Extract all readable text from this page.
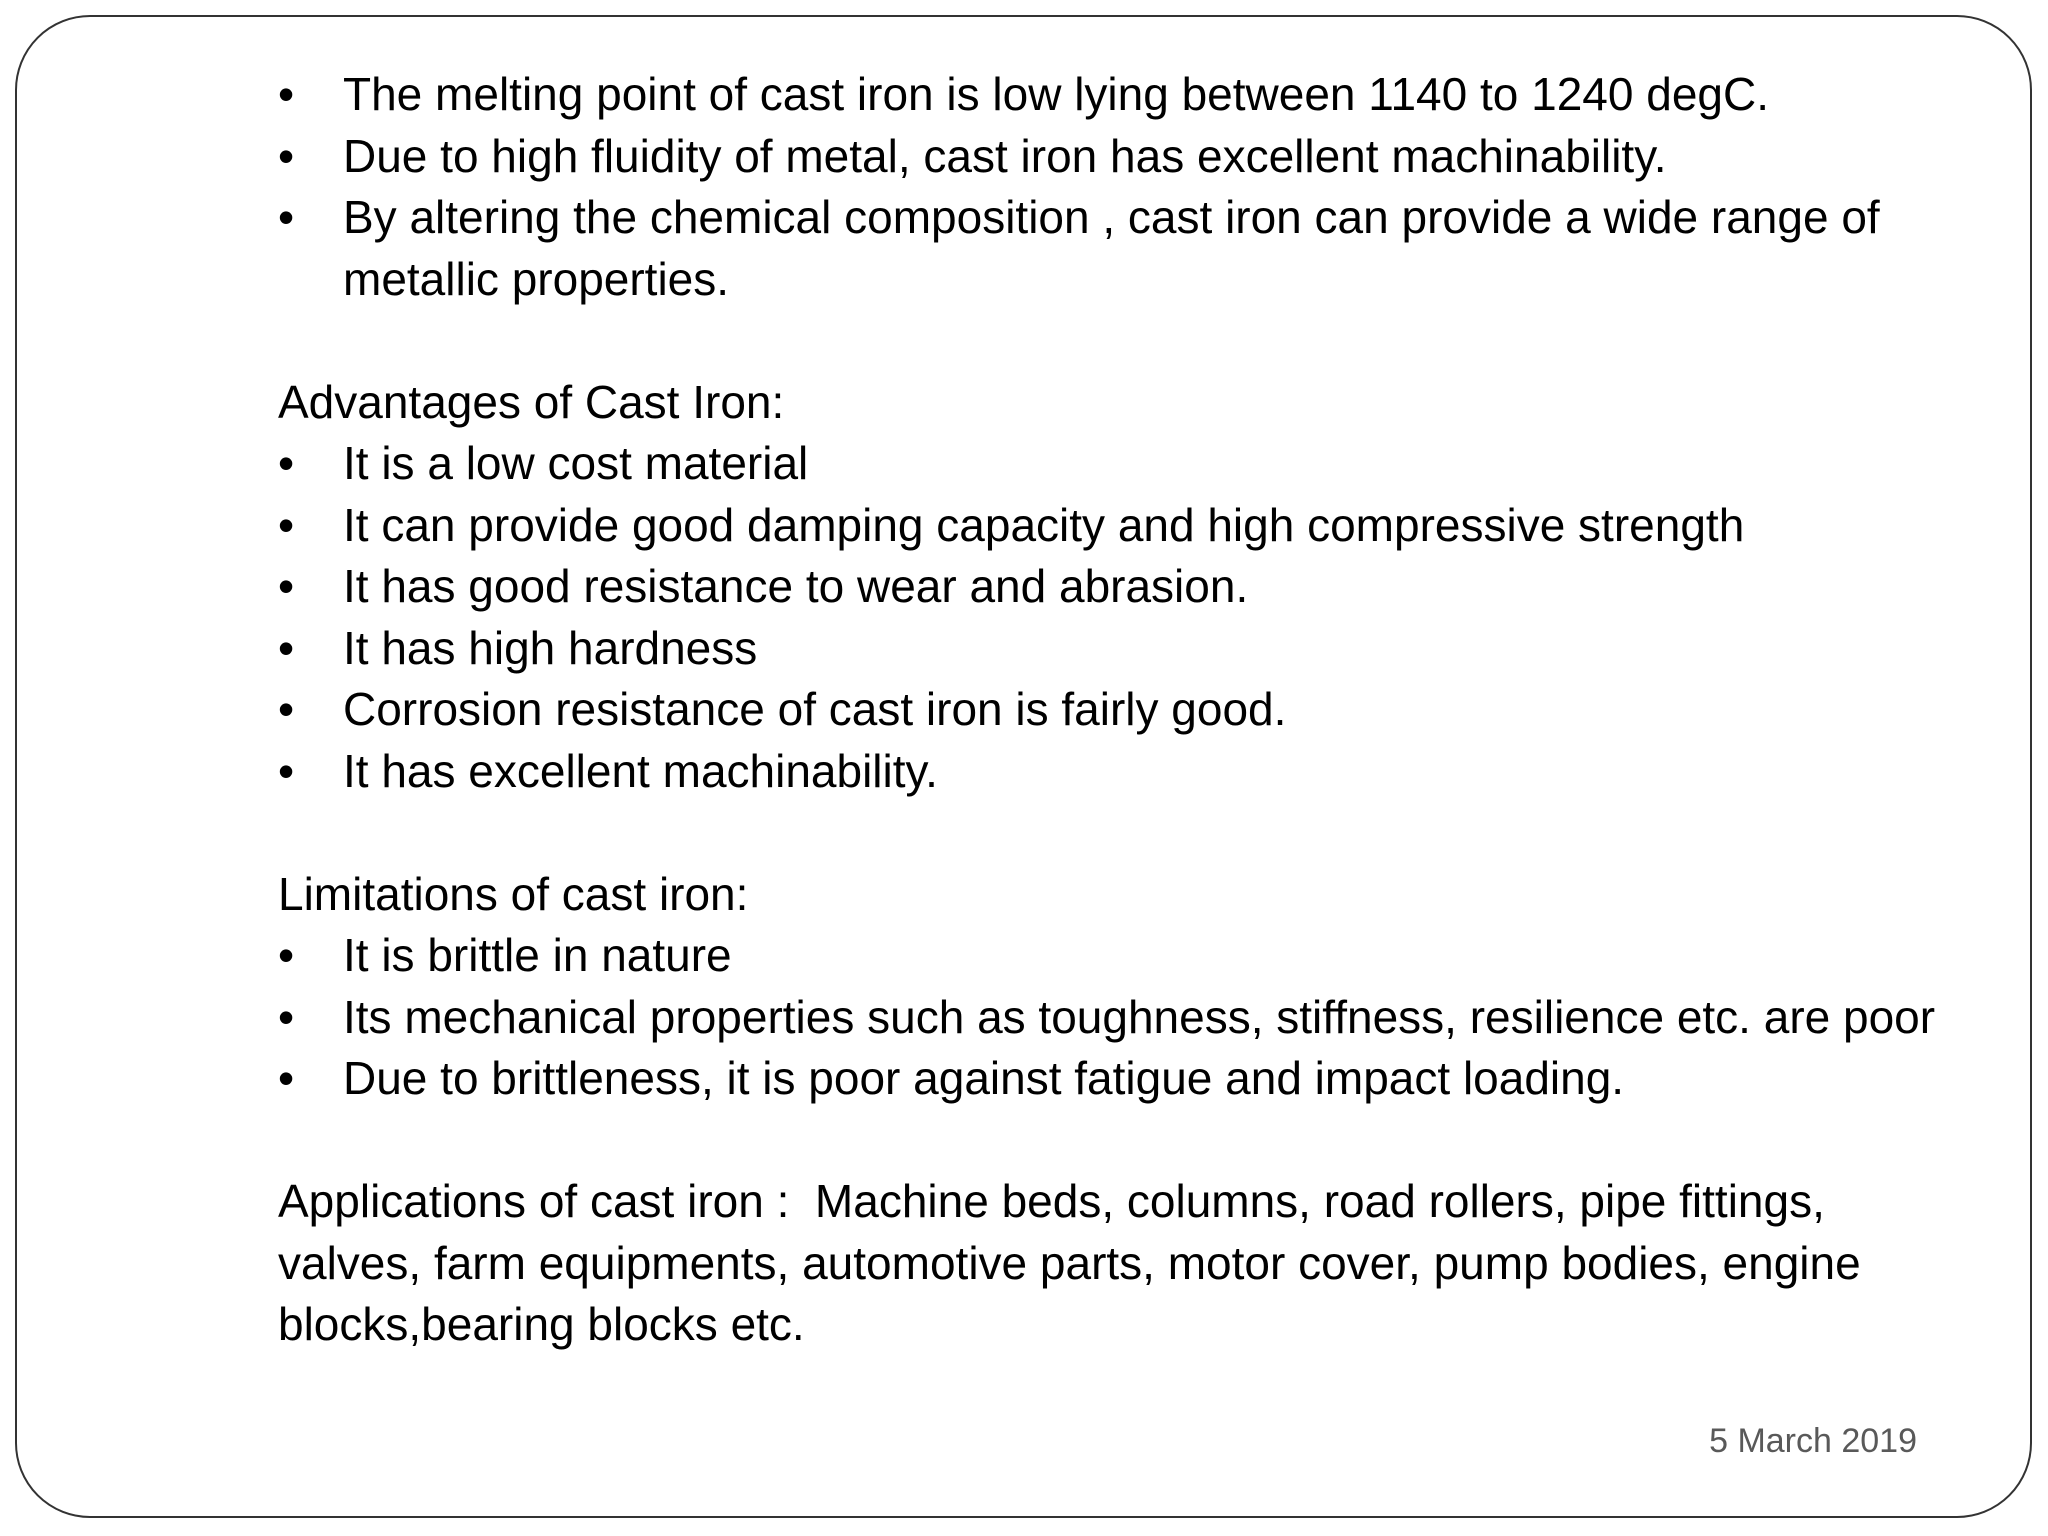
• The melting point of cast iron is low lying between 1140 to 1240 degC.
• Due to high fluidity of metal, cast iron has excellent machinability.
• By altering the chemical composition , cast iron can provide a wide range of metallic properties.
Advantages of Cast Iron:
• It is a low cost material
• It can provide good damping capacity and high compressive strength
• It has good resistance to wear and abrasion.
• It has high hardness
• Corrosion resistance of cast iron is fairly good.
• It has excellent machinability.
Limitations of cast iron:
• It is brittle in nature
• Its mechanical properties such as toughness, stiffness, resilience etc. are poor
• Due to brittleness, it is poor against fatigue and impact loading.
Applications of cast iron :  Machine beds, columns, road rollers, pipe fittings, valves, farm equipments, automotive parts, motor cover, pump bodies, engine blocks,bearing blocks etc.
5 March 2019
